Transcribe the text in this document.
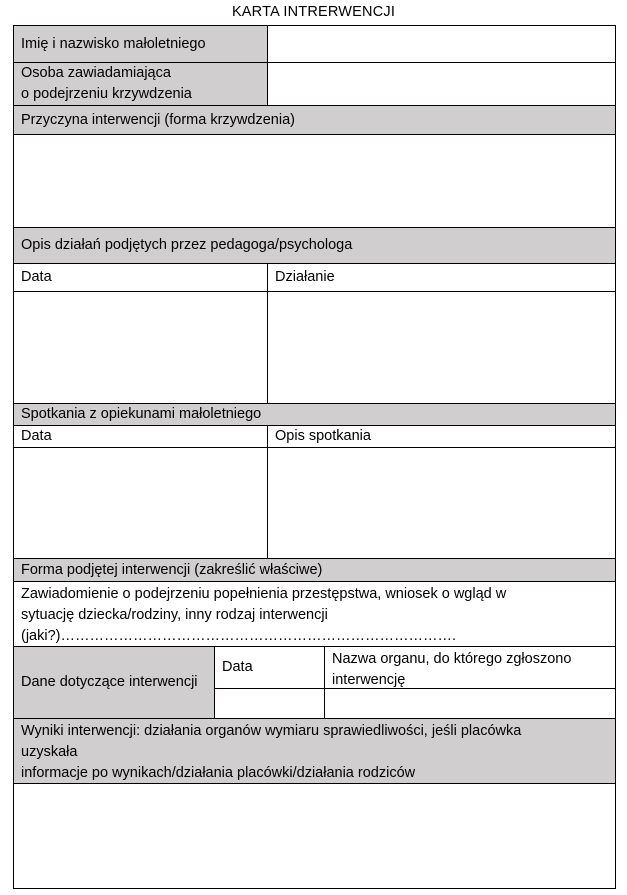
KARTA INTRERWENCJI
Imię i nazwisko małoletniego
Osoba zawiadamiająca
o podejrzeniu krzywdzenia
Przyczyna interwencji (forma krzywdzenia)
Opis działań podjętych przez pedagoga/psychologa
Data	Działanie
Spotkania z opiekunami małoletniego
Data	Opis spotkania
Forma podjętej interwencji (zakreślić właściwe)
Zawiadomienie o podejrzeniu popełnienia przestępstwa, wniosek o wgląd w
sytuację dziecka/rodziny, inny rodzaj interwencji
(jaki?)……………………………………………………………………….
Dane dotyczące interwencji
Data	Nazwa organu, do którego zgłoszono
interwencję
Wyniki interwencji: działania organów wymiaru sprawiedliwości, jeśli placówka
uzyskała
informacje po wynikach/działania placówki/działania rodziców
